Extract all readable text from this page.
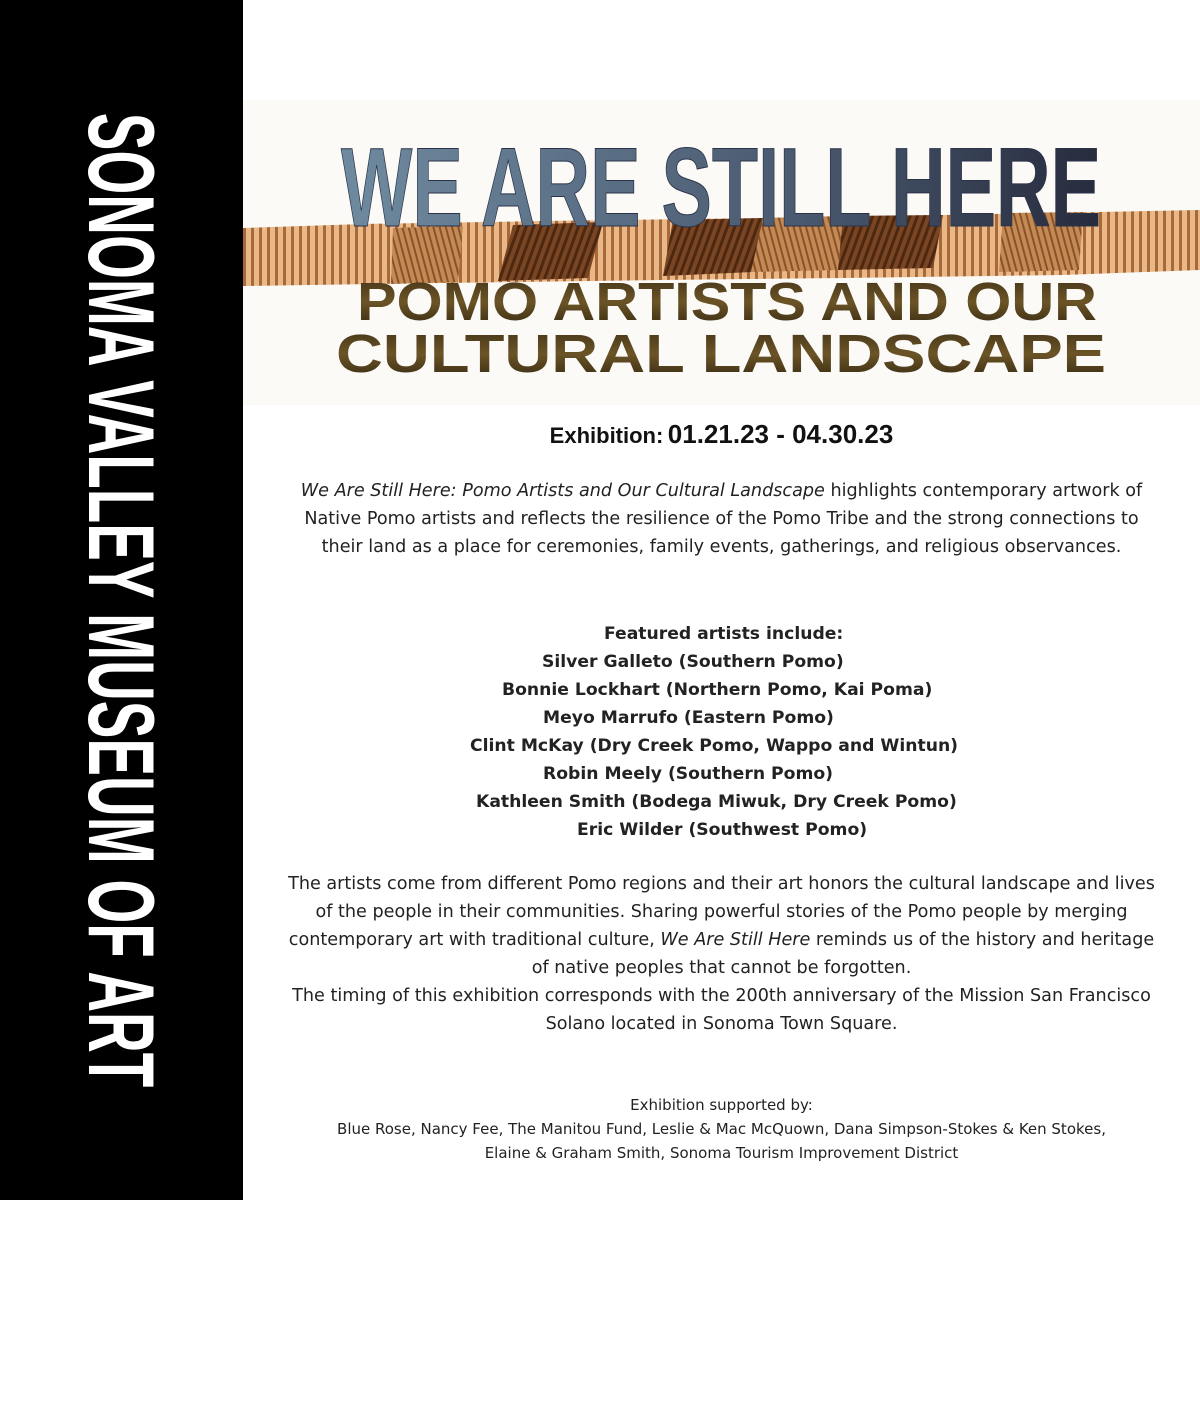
SONOMA VALLEY MUSEUM OF ART WE ARE STILL HERE
POMO ARTISTS AND OUR
CULTURAL LANDSCAPE
Exhibition: 01.21.23 - 04.30.23
We Are Still Here: Pomo Artists and Our Cultural Landscape highlights contemporary artwork of Native Pomo artists and reflects the resilience of the Pomo Tribe and the strong connections to their land as a place for ceremonies, family events, gatherings, and religious observances.
Featured artists include:
Silver Galleto (Southern Pomo)
Bonnie Lockhart (Northern Pomo, Kai Poma)
Meyo Marrufo (Eastern Pomo)
Clint McKay (Dry Creek Pomo, Wappo and Wintun)
Robin Meely (Southern Pomo)
Kathleen Smith (Bodega Miwuk, Dry Creek Pomo)
Eric Wilder (Southwest Pomo)
The artists come from different Pomo regions and their art honors the cultural landscape and lives of the people in their communities. Sharing powerful stories of the Pomo people by merging contemporary art with traditional culture, We Are Still Here reminds us of the history and heritage of native peoples that cannot be forgotten.
The timing of this exhibition corresponds with the 200th anniversary of the Mission San Francisco Solano located in Sonoma Town Square.
Exhibition supported by:
Blue Rose, Nancy Fee, The Manitou Fund, Leslie & Mac McQuown, Dana Simpson-Stokes & Ken Stokes,
Elaine & Graham Smith, Sonoma Tourism Improvement District
